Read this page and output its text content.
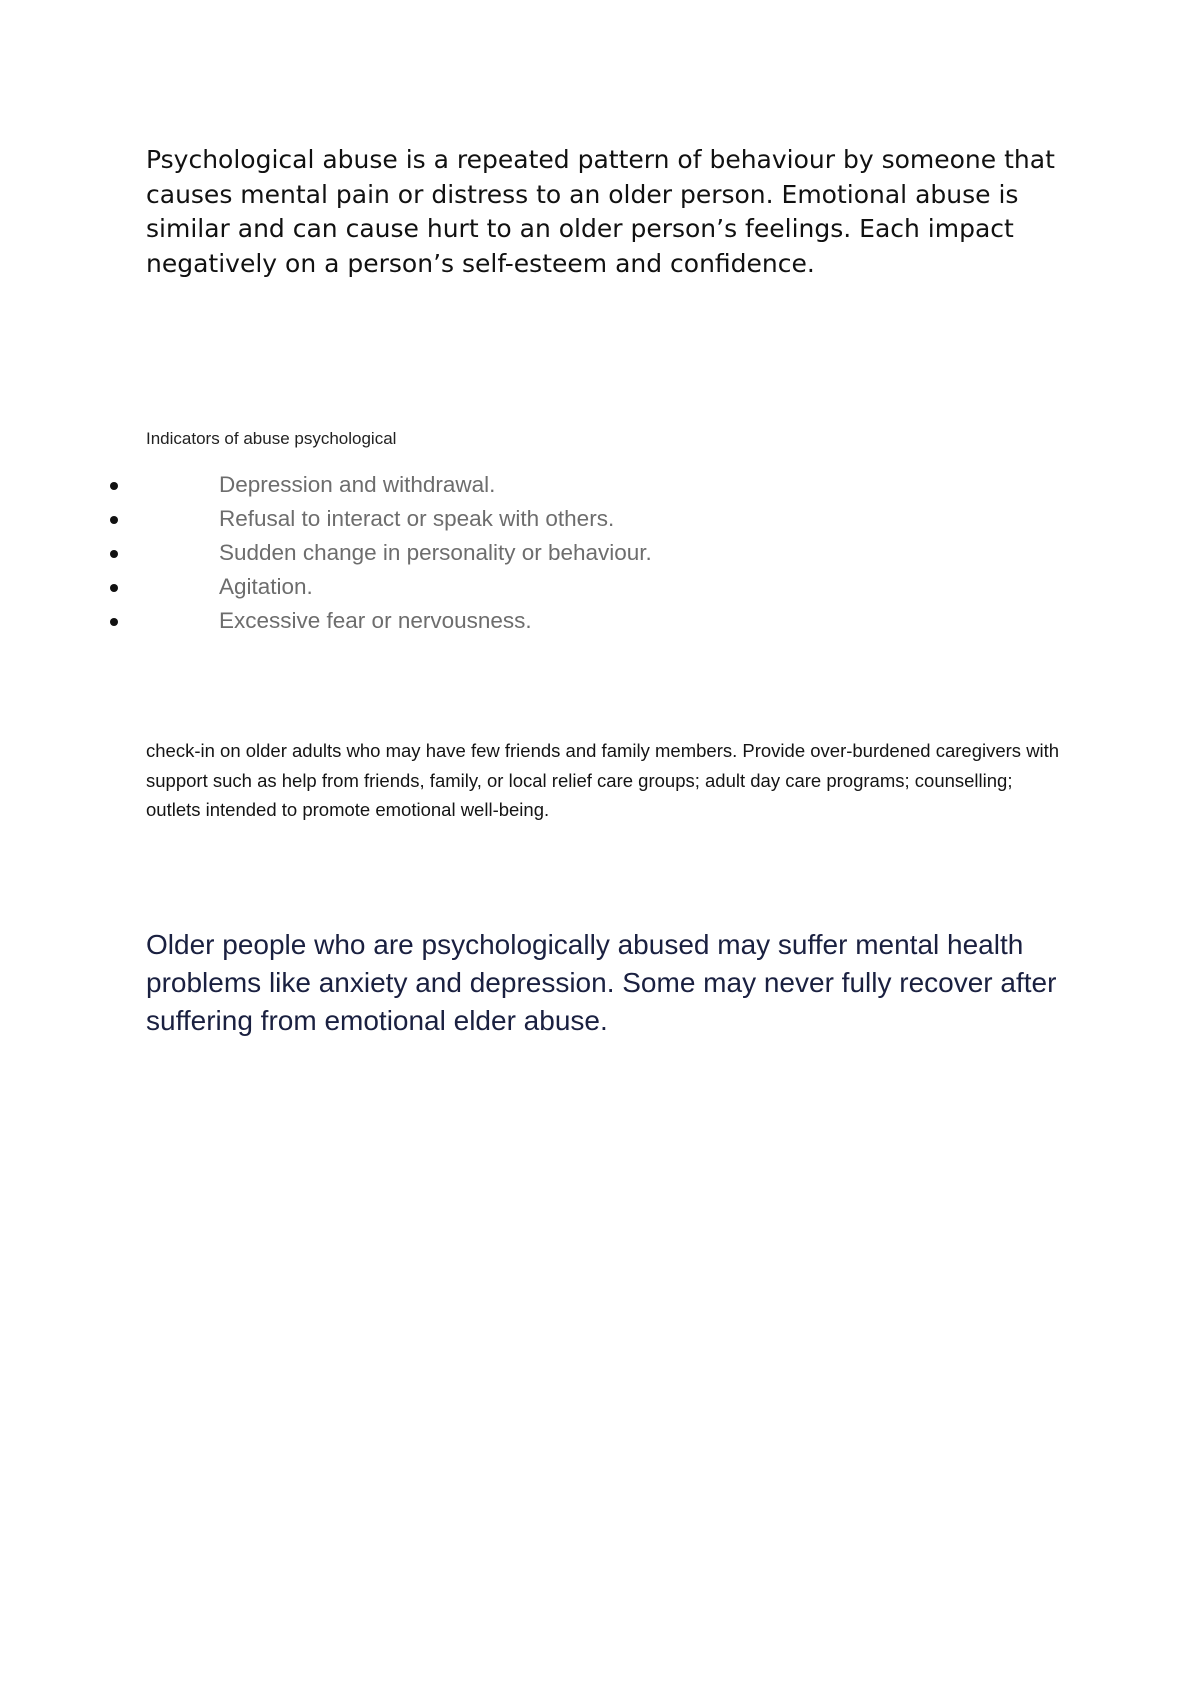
Psychological abuse is a repeated pattern of behaviour by someone that causes mental pain or distress to an older person. Emotional abuse is similar and can cause hurt to an older person’s feelings. Each impact negatively on a person’s self-esteem and confidence.

Indicators of abuse psychological

Depression and withdrawal.
Refusal to interact or speak with others.
Sudden change in personality or behaviour.
Agitation.
Excessive fear or nervousness.

check-in on older adults who may have few friends and family members. Provide over-burdened caregivers with support such as help from friends, family, or local relief care groups; adult day care programs; counselling; outlets intended to promote emotional well-being.

Older people who are psychologically abused may suffer mental health problems like anxiety and depression. Some may never fully recover after suffering from emotional elder abuse.
